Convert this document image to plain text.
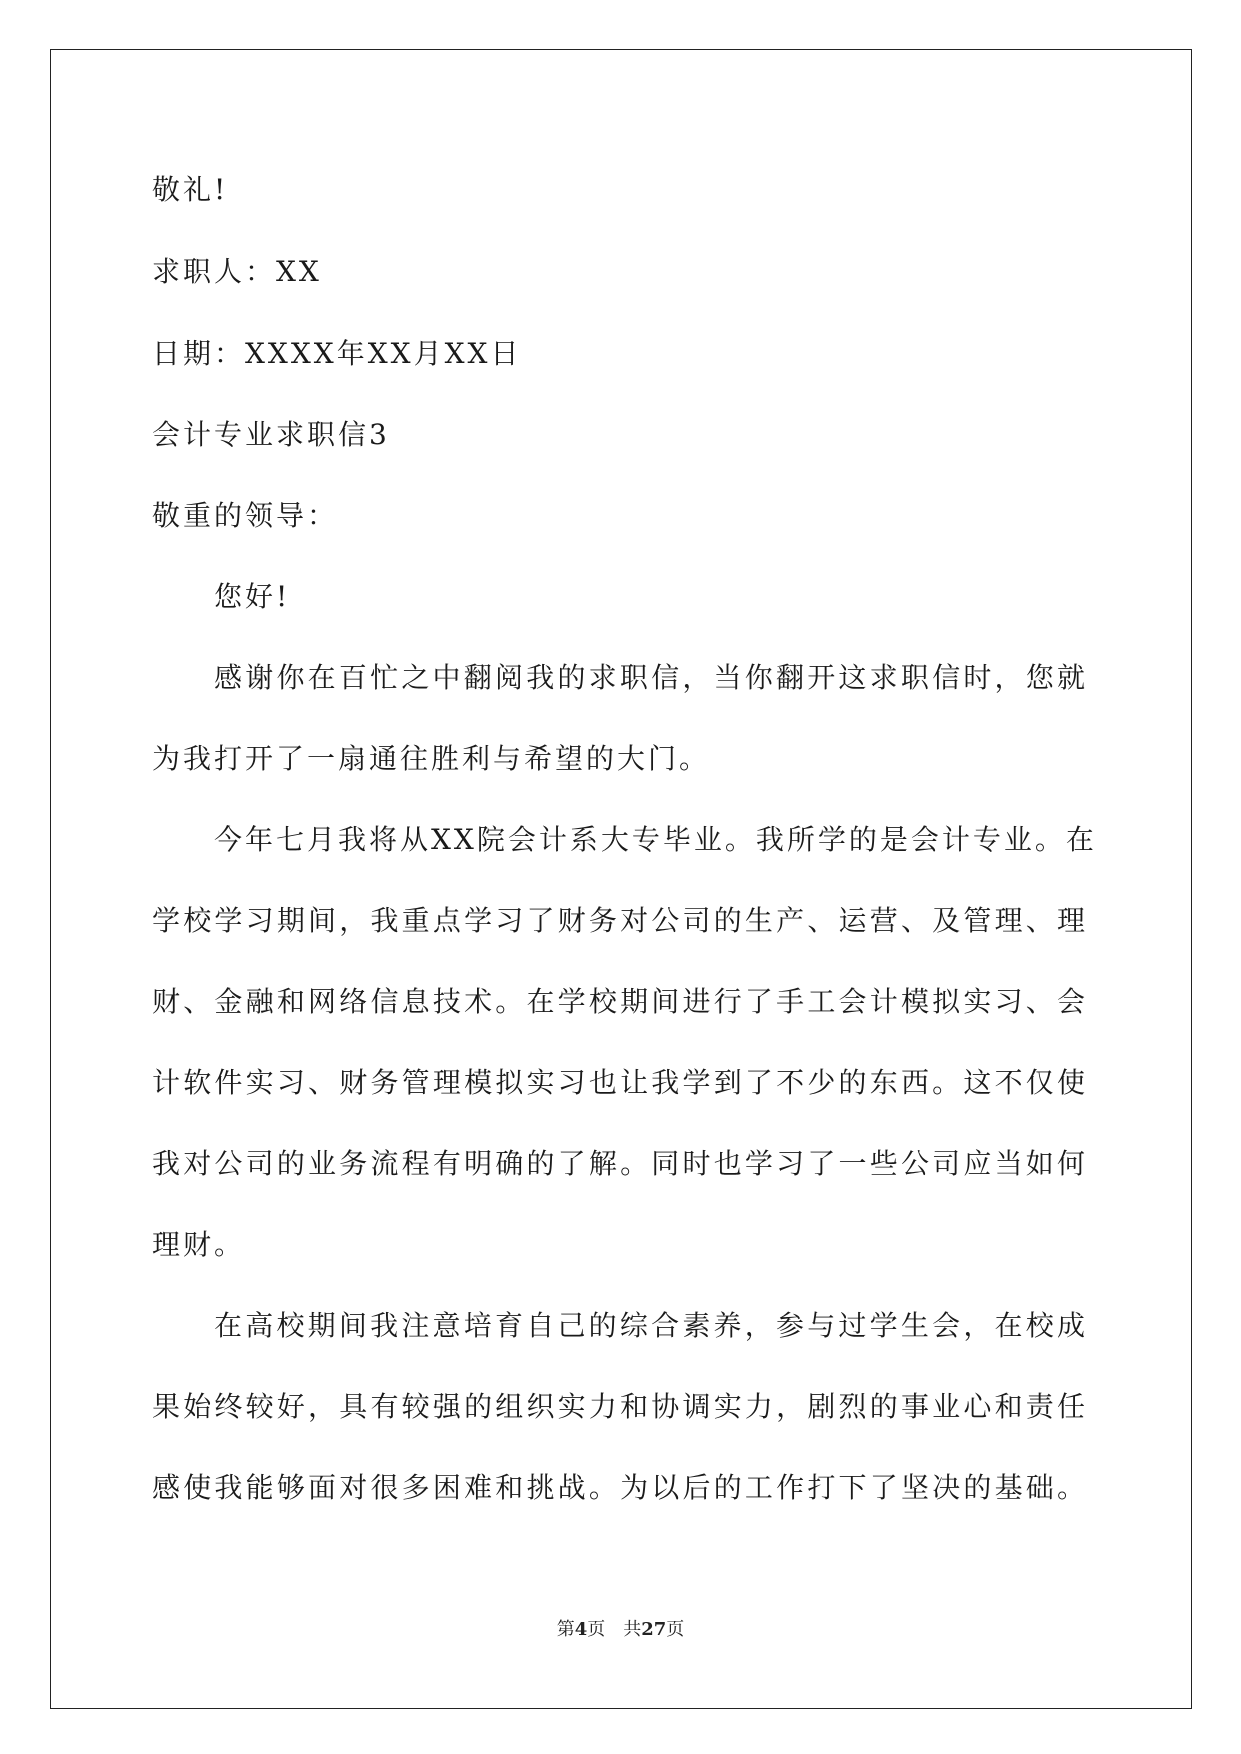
敬礼!
求职人：XX
日期：XXXX年XX月XX日
会计专业求职信3
敬重的领导：
您好!
感谢你在百忙之中翻阅我的求职信，当你翻开这求职信时，您就
为我打开了一扇通往胜利与希望的大门。
今年七月我将从XX院会计系大专毕业。我所学的是会计专业。在
学校学习期间，我重点学习了财务对公司的生产、运营、及管理、理
财、金融和网络信息技术。在学校期间进行了手工会计模拟实习、会
计软件实习、财务管理模拟实习也让我学到了不少的东西。这不仅使
我对公司的业务流程有明确的了解。同时也学习了一些公司应当如何
理财。
在高校期间我注意培育自己的综合素养，参与过学生会，在校成
果始终较好，具有较强的组织实力和协调实力，剧烈的事业心和责任
感使我能够面对很多困难和挑战。为以后的工作打下了坚决的基础。
第4页 共27页
